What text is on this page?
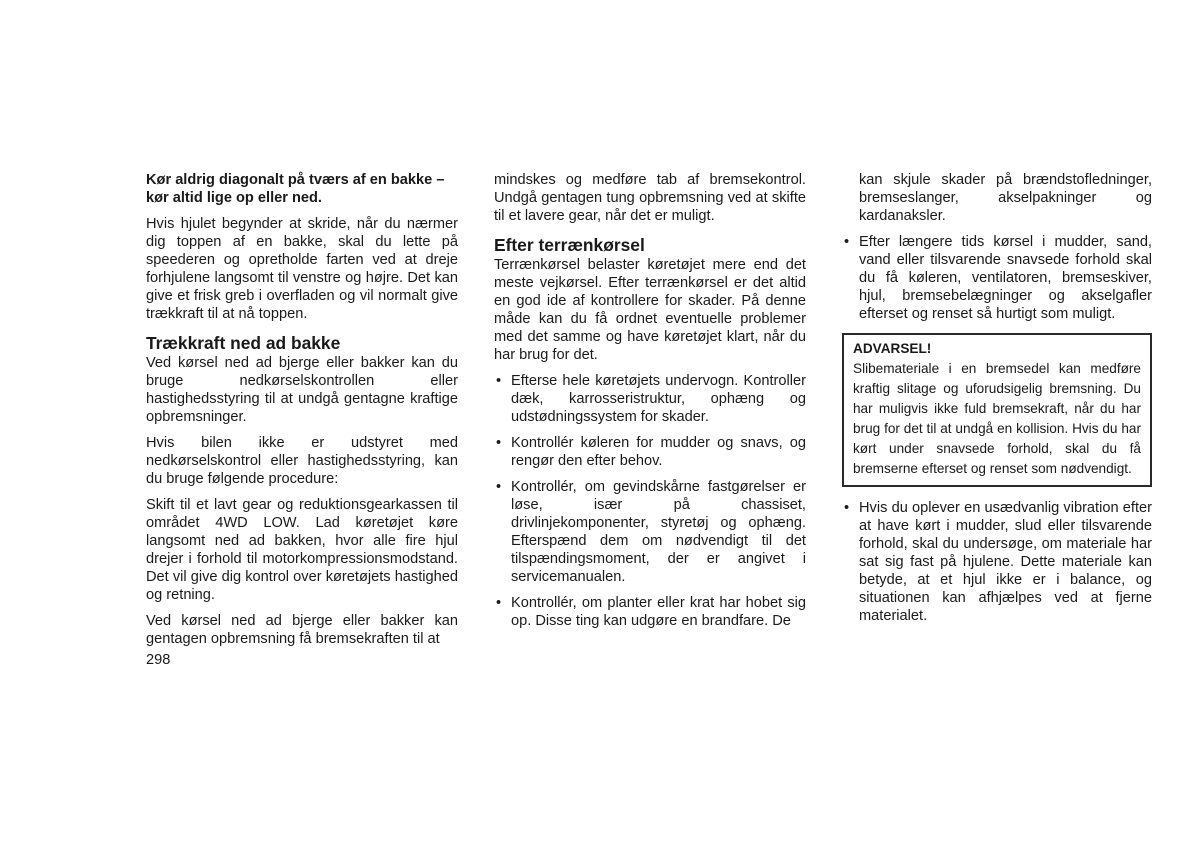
Kør aldrig diagonalt på tværs af en bakke – kør altid lige op eller ned.

Hvis hjulet begynder at skride, når du nærmer dig toppen af en bakke, skal du lette på speederen og opretholde farten ved at dreje forhjulene langsomt til venstre og højre. Det kan give et frisk greb i overfladen og vil normalt give trækkraft til at nå toppen.

Trækkraft ned ad bakke

Ved kørsel ned ad bjerge eller bakker kan du bruge nedkørselskontrollen eller hastighedsstyring til at undgå gentagne kraftige opbremsninger.

Hvis bilen ikke er udstyret med nedkørselskontrol eller hastighedsstyring, kan du bruge følgende procedure:

Skift til et lavt gear og reduktionsgearkassen til området 4WD LOW. Lad køretøjet køre langsomt ned ad bakken, hvor alle fire hjul drejer i forhold til motorkompressionsmodstand. Det vil give dig kontrol over køretøjets hastighed og retning.

Ved kørsel ned ad bjerge eller bakker kan gentagen opbremsning få bremsekraften til at

mindskes og medføre tab af bremsekontrol. Undgå gentagen tung opbremsning ved at skifte til et lavere gear, når det er muligt.

Efter terrænkørsel

Terrænkørsel belaster køretøjet mere end det meste vejkørsel. Efter terrænkørsel er det altid en god ide af kontrollere for skader. På denne måde kan du få ordnet eventuelle problemer med det samme og have køretøjet klart, når du har brug for det.

• Efterse hele køretøjets undervogn. Kontroller dæk, karrosseristruktur, ophæng og udstødningssystem for skader.
• Kontrollér køleren for mudder og snavs, og rengør den efter behov.
• Kontrollér, om gevindskårne fastgørelser er løse, især på chassiset, drivlinjekomponenter, styretøj og ophæng. Efterspænd dem om nødvendigt til det tilspændingsmoment, der er angivet i servicemanualen.
• Kontrollér, om planter eller krat har hobet sig op. Disse ting kan udgøre en brandfare. De

kan skjule skader på brændstofledninger, bremseslanger, akselpakninger og kardanaksler.

• Efter længere tids kørsel i mudder, sand, vand eller tilsvarende snavsede forhold skal du få køleren, ventilatoren, bremseskiver, hjul, bremsebelægninger og akselgafler efterset og renset så hurtigt som muligt.
ADVARSEL!
Slibemateriale i en bremsedel kan medføre kraftig slitage og uforudsigelig bremsning. Du har muligvis ikke fuld bremsekraft, når du har brug for det til at undgå en kollision. Hvis du har kørt under snavsede forhold, skal du få bremserne efterset og renset som nødvendigt.
• Hvis du oplever en usædvanlig vibration efter at have kørt i mudder, slud eller tilsvarende forhold, skal du undersøge, om materiale har sat sig fast på hjulene. Dette materiale kan betyde, at et hjul ikke er i balance, og situationen kan afhjælpes ved at fjerne materialet.
298
